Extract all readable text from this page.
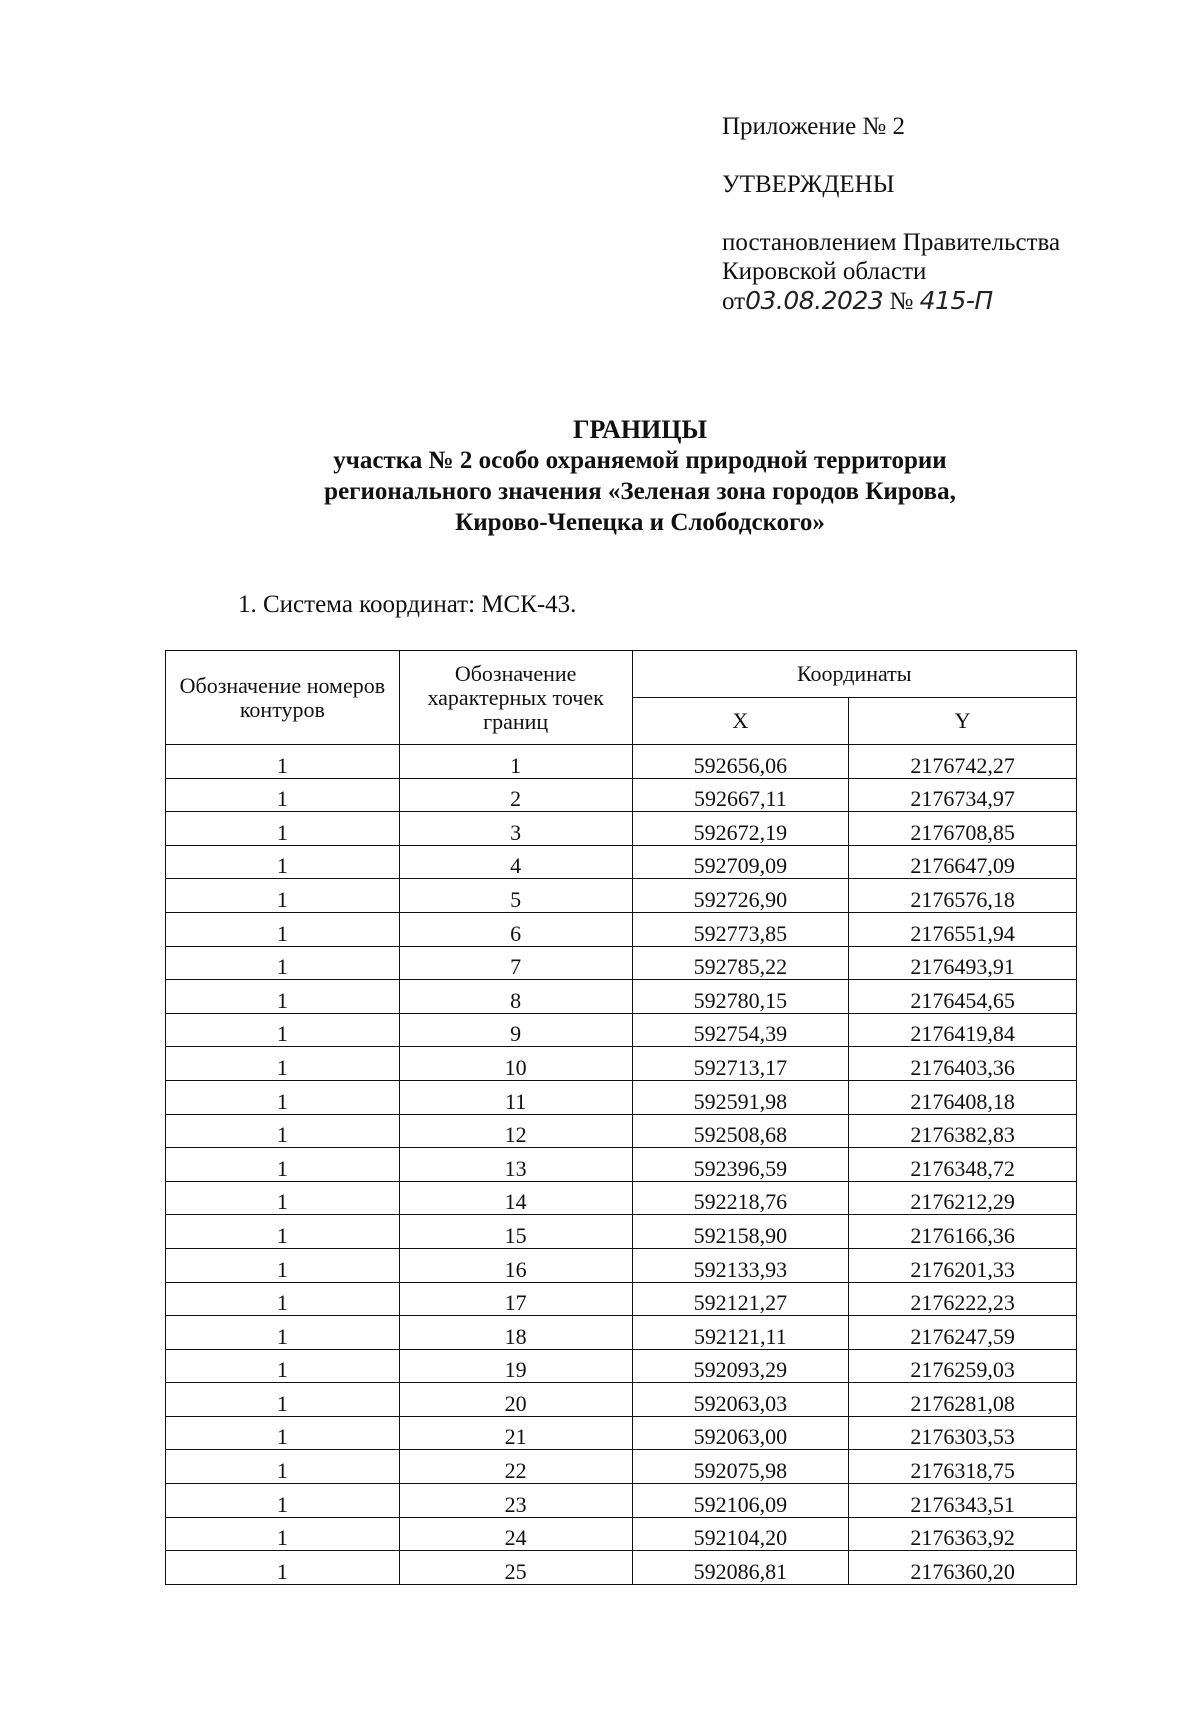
Приложение № 2
УТВЕРЖДЕНЫ
постановлением Правительства
Кировской области
от03.08.2023 № 415-П
ГРАНИЦЫ
участка № 2 особо охраняемой природной территории
регионального значения «Зеленая зона городов Кирова,
Кирово-Чепецка и Слободского»
1. Система координат: МСК-43.
Обозначение номеров контуров	Обозначение характерных точек границ	Координаты	
		X	Y
1	1	592656,06	2176742,27
1	2	592667,11	2176734,97
1	3	592672,19	2176708,85
1	4	592709,09	2176647,09
1	5	592726,90	2176576,18
1	6	592773,85	2176551,94
1	7	592785,22	2176493,91
1	8	592780,15	2176454,65
1	9	592754,39	2176419,84
1	10	592713,17	2176403,36
1	11	592591,98	2176408,18
1	12	592508,68	2176382,83
1	13	592396,59	2176348,72
1	14	592218,76	2176212,29
1	15	592158,90	2176166,36
1	16	592133,93	2176201,33
1	17	592121,27	2176222,23
1	18	592121,11	2176247,59
1	19	592093,29	2176259,03
1	20	592063,03	2176281,08
1	21	592063,00	2176303,53
1	22	592075,98	2176318,75
1	23	592106,09	2176343,51
1	24	592104,20	2176363,92
1	25	592086,81	2176360,20
